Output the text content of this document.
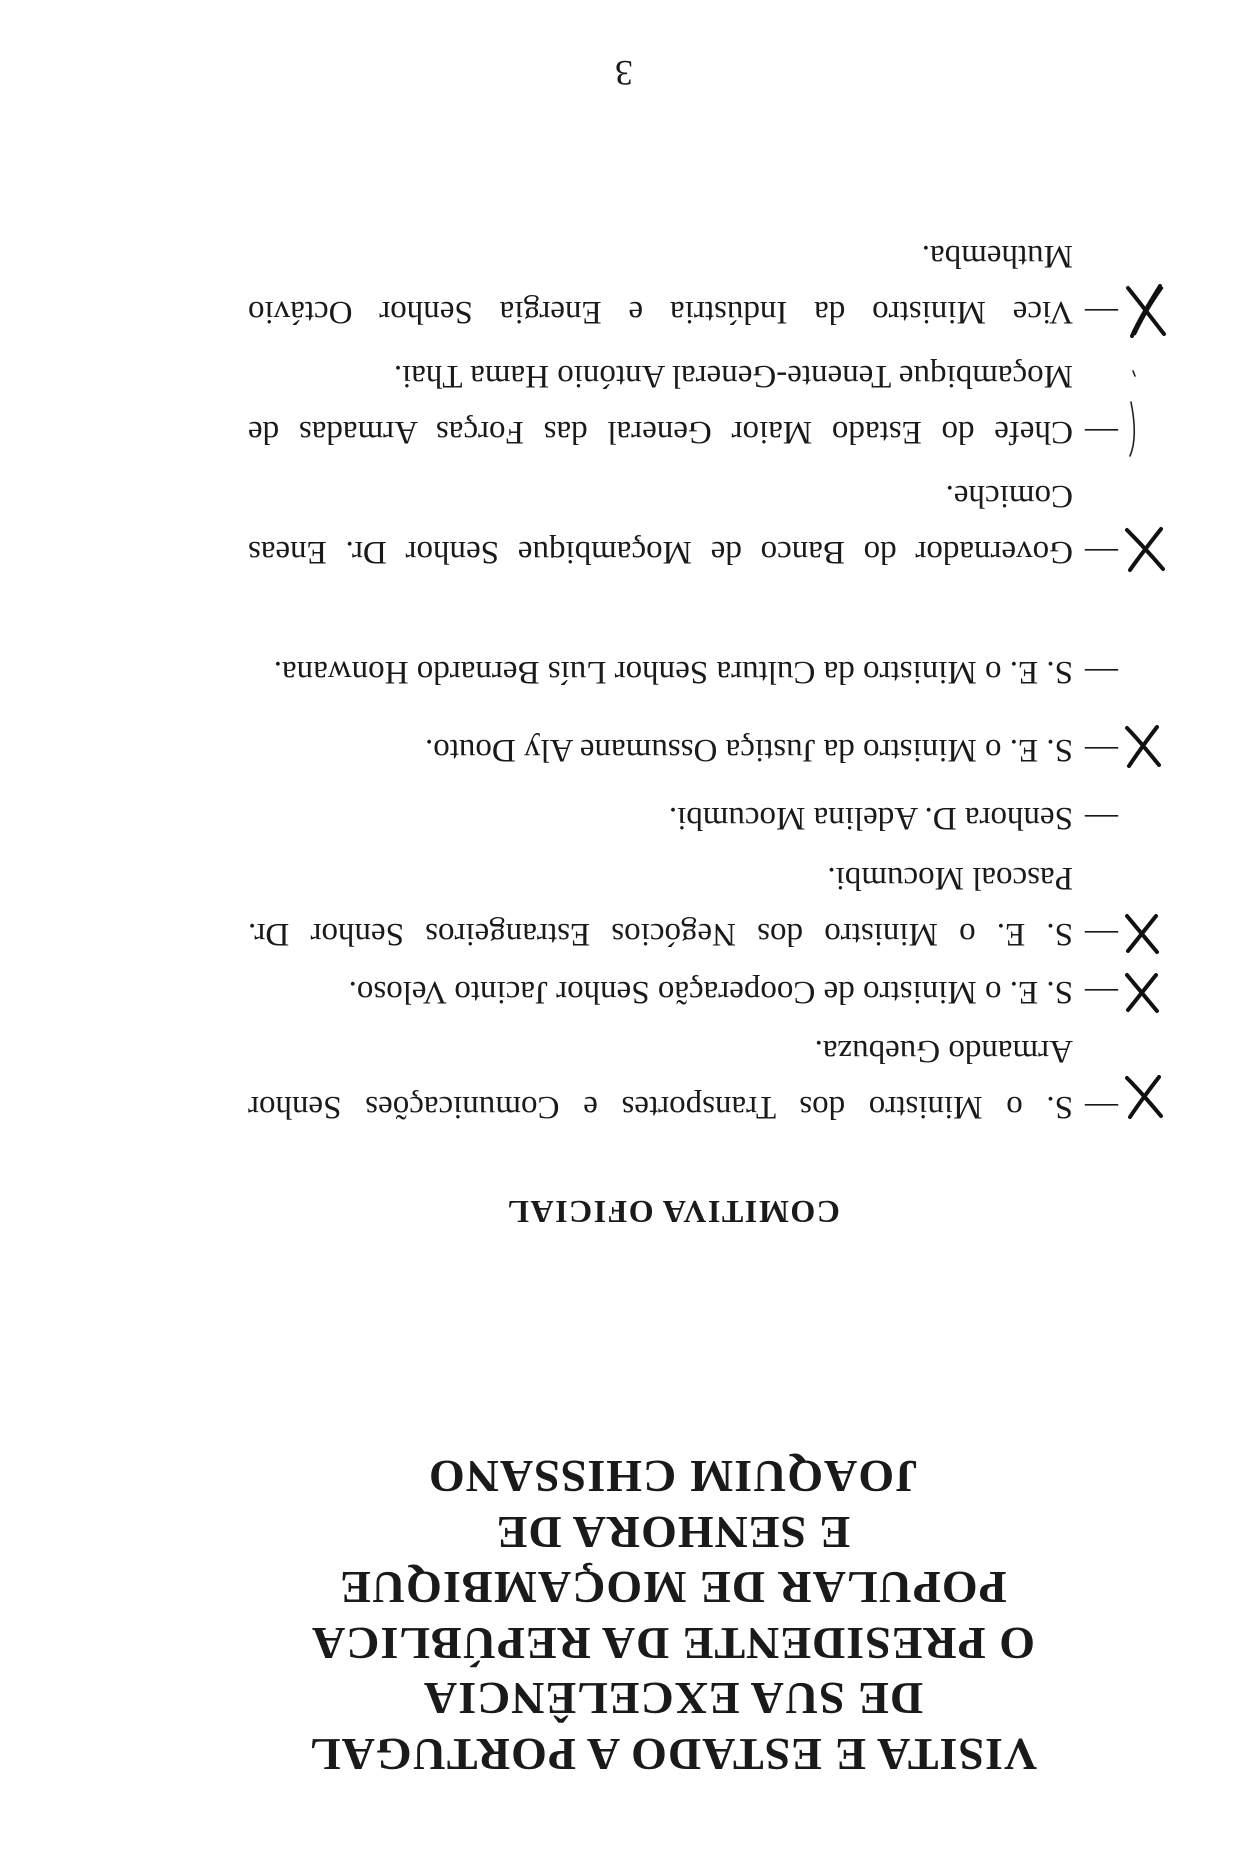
VISITA E ESTADO A PORTUGAL
DE SUA EXCELÊNCIA
O PRESIDENTE DA REPÚBLICA
POPULAR DE MOÇAMBIQUE
E SENHORA DE
JOAQUIM CHISSANO
COMITIVA OFICIAL
—
S. o Ministro dos Transportes e Comunicações Senhor Armando Guebuza.
—
S. E. o Ministro de Cooperação Senhor Jacinto Veloso.
—
S. E. o Ministro dos Negócios Estrangeiros Senhor Dr. Pascoal Mocumbi.
—
Senhora D. Adelina Mocumbi.
—
S. E. o Ministro da Justiça Ossumane Aly Douto.
—
S. E. o Ministro da Cultura Senhor Luís Bernardo Honwana.
—
Governador do Banco de Moçambique Senhor Dr. Eneas Comiche.
—
Chefe do Estado Maior General das Forças Armadas de Moçambique Tenente-General António Hama Thai.
—
Vice Ministro da Indústria e Energia Senhor Octávio Muthemba.
3
